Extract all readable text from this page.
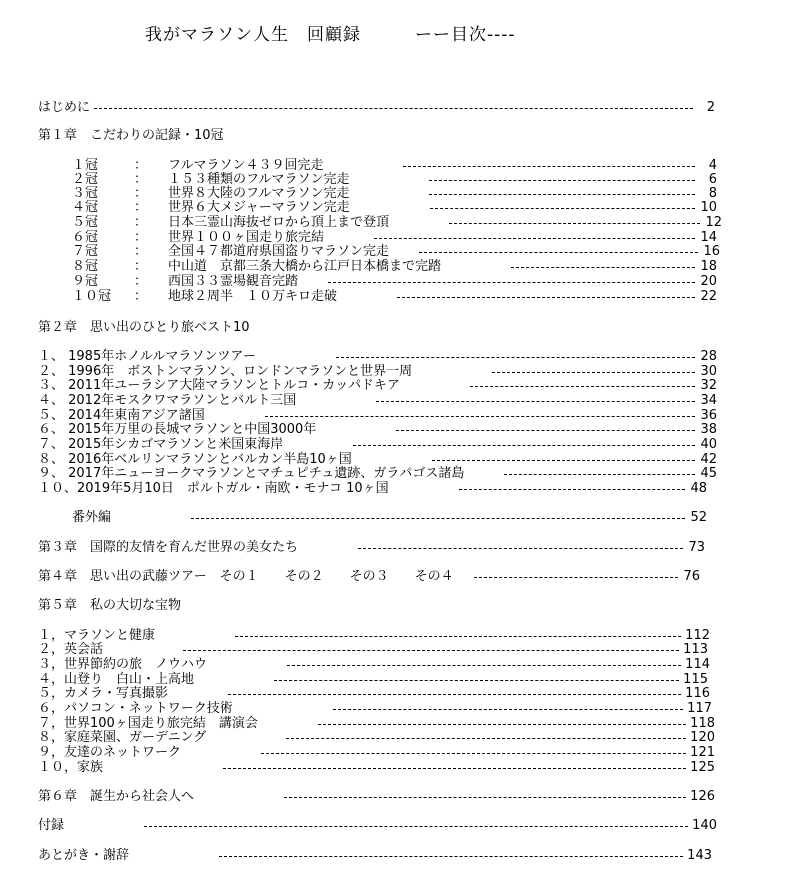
我がマラソン人生　回顧録　　　ーー目次----
はじめに	2
第１章　こだわりの記録・10冠
１冠	：	フルマラソン４３９回完走	4
２冠	：	１５３種類のフルマラソン完走	6
３冠	：	世界８大陸のフルマラソン完走	8
４冠	：	世界６大メジャーマラソン完走	10
５冠	：	日本三霊山海抜ゼロから頂上まで登頂	12
６冠	：	世界１００ヶ国走り旅完結	14
７冠	：	全国４７都道府県国盗りマラソン完走	16
８冠	：	中山道　京都三条大橋から江戸日本橋まで完踏	18
９冠	：	西国３３霊場観音完踏	20
１０冠	：	地球２周半　１０万キロ走破	22
第２章　思い出のひとり旅ベスト10
１、 1985年ホノルルマラソンツアー	28
２、 1996年　ボストンマラソン、ロンドンマラソンと世界一周	30
３、 2011年ユーラシア大陸マラソンとトルコ・カッパドキア	32
４、 2012年モスクワマラソンとバルト三国	34
５、 2014年東南アジア諸国	36
６、 2015年万里の長城マラソンと中国3000年	38
７、 2015年シカゴマラソンと米国東海岸	40
８、 2016年ベルリンマラソンとバルカン半島10ヶ国	42
９、 2017年ニューヨークマラソンとマチュピチュ遺跡、ガラパゴス諸島	45
１０、2019年5月10日　ポルトガル・南欧・モナコ 10ヶ国	48
番外編	52
第３章　国際的友情を育んだ世界の美女たち	73
第４章　思い出の武藤ツアー　その１　　その２　　その３　　その４	76
第５章　私の大切な宝物
１，マラソンと健康	112
２，英会話	113
３，世界節約の旅　ノウハウ	114
４，山登り　白山・上高地	115
５，カメラ・写真撮影	116
６，パソコン・ネットワーク技術	117
７，世界100ヶ国走り旅完結　講演会	118
８，家庭菜園、ガーデニング	120
９，友達のネットワーク	121
１０，家族	125
第６章　誕生から社会人へ	126
付録	140
あとがき・謝辞	143
